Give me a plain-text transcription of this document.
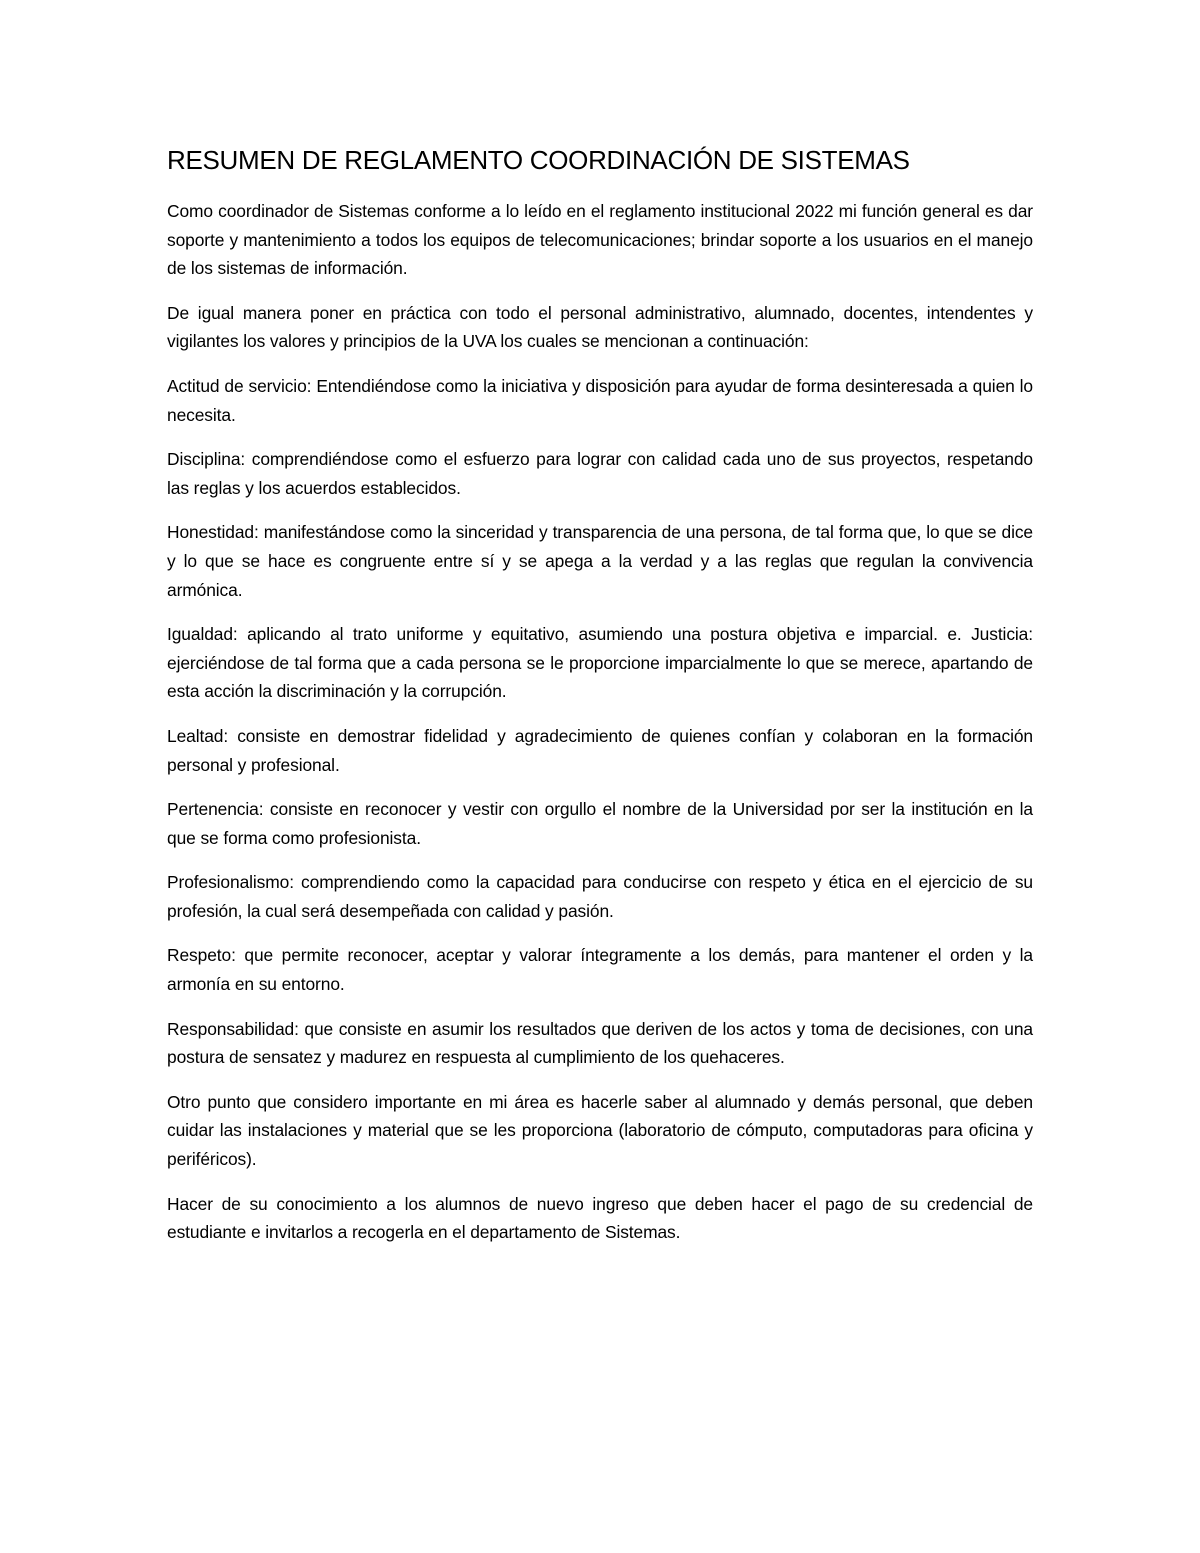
RESUMEN DE REGLAMENTO COORDINACIÓN DE SISTEMAS

Como coordinador de Sistemas conforme a lo leído en el reglamento institucional 2022 mi función general es dar soporte y mantenimiento a todos los equipos de telecomunicaciones; brindar soporte a los usuarios en el manejo de los sistemas de información.

De igual manera poner en práctica con todo el personal administrativo, alumnado, docentes, intendentes y vigilantes los valores y principios de la UVA los cuales se mencionan a continuación:

Actitud de servicio: Entendiéndose como la iniciativa y disposición para ayudar de forma desinteresada a quien lo necesita.

Disciplina: comprendiéndose como el esfuerzo para lograr con calidad cada uno de sus proyectos, respetando las reglas y los acuerdos establecidos.

Honestidad: manifestándose como la sinceridad y transparencia de una persona, de tal forma que, lo que se dice y lo que se hace es congruente entre sí y se apega a la verdad y a las reglas que regulan la convivencia armónica.

Igualdad: aplicando al trato uniforme y equitativo, asumiendo una postura objetiva e imparcial. e. Justicia: ejerciéndose de tal forma que a cada persona se le proporcione imparcialmente lo que se merece, apartando de esta acción la discriminación y la corrupción.

Lealtad: consiste en demostrar fidelidad y agradecimiento de quienes confían y colaboran en la formación personal y profesional.

Pertenencia: consiste en reconocer y vestir con orgullo el nombre de la Universidad por ser la institución en la que se forma como profesionista.

Profesionalismo: comprendiendo como la capacidad para conducirse con respeto y ética en el ejercicio de su profesión, la cual será desempeñada con calidad y pasión.

Respeto: que permite reconocer, aceptar y valorar íntegramente a los demás, para mantener el orden y la armonía en su entorno.

Responsabilidad: que consiste en asumir los resultados que deriven de los actos y toma de decisiones, con una postura de sensatez y madurez en respuesta al cumplimiento de los quehaceres.

Otro punto que considero importante en mi área es hacerle saber al alumnado y demás personal, que deben cuidar las instalaciones y material que se les proporciona (laboratorio de cómputo, computadoras para oficina y periféricos).

Hacer de su conocimiento a los alumnos de nuevo ingreso que deben hacer el pago de su credencial de estudiante e invitarlos a recogerla en el departamento de Sistemas.
